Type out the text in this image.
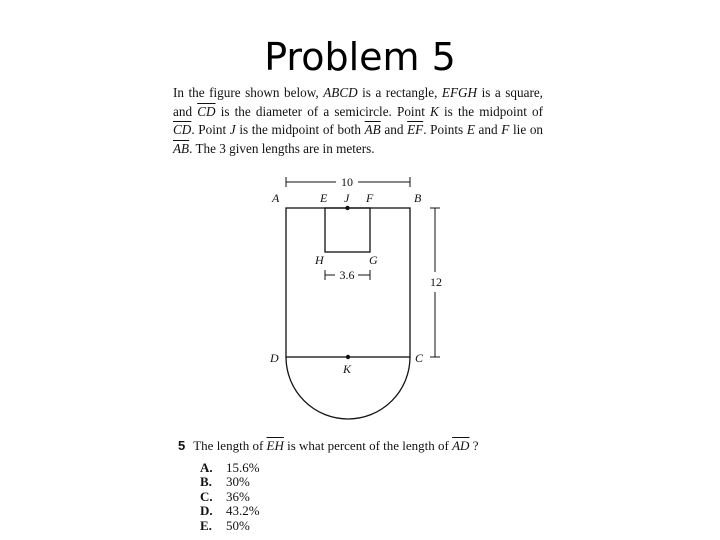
Problem 5
In the figure shown below, ABCD is a rectangle, EFGH is a square, and $\overline{CD}$ is the diameter of a semicircle. Point K is the midpoint of $\overline{CD}$. Point J is the midpoint of both $\overline{AB}$ and $\overline{EF}$. Points E and F lie on $\overline{AB}$. The 3 given lengths are in meters.
10
12
3.6
A	E J F	B
H	G
D	C
K
5 The length of $\overline{EH}$ is what percent of the length of $\overline{AD}$ ?
A. 15.6%
B. 30%
C. 36%
D. 43.2%
E. 50%
